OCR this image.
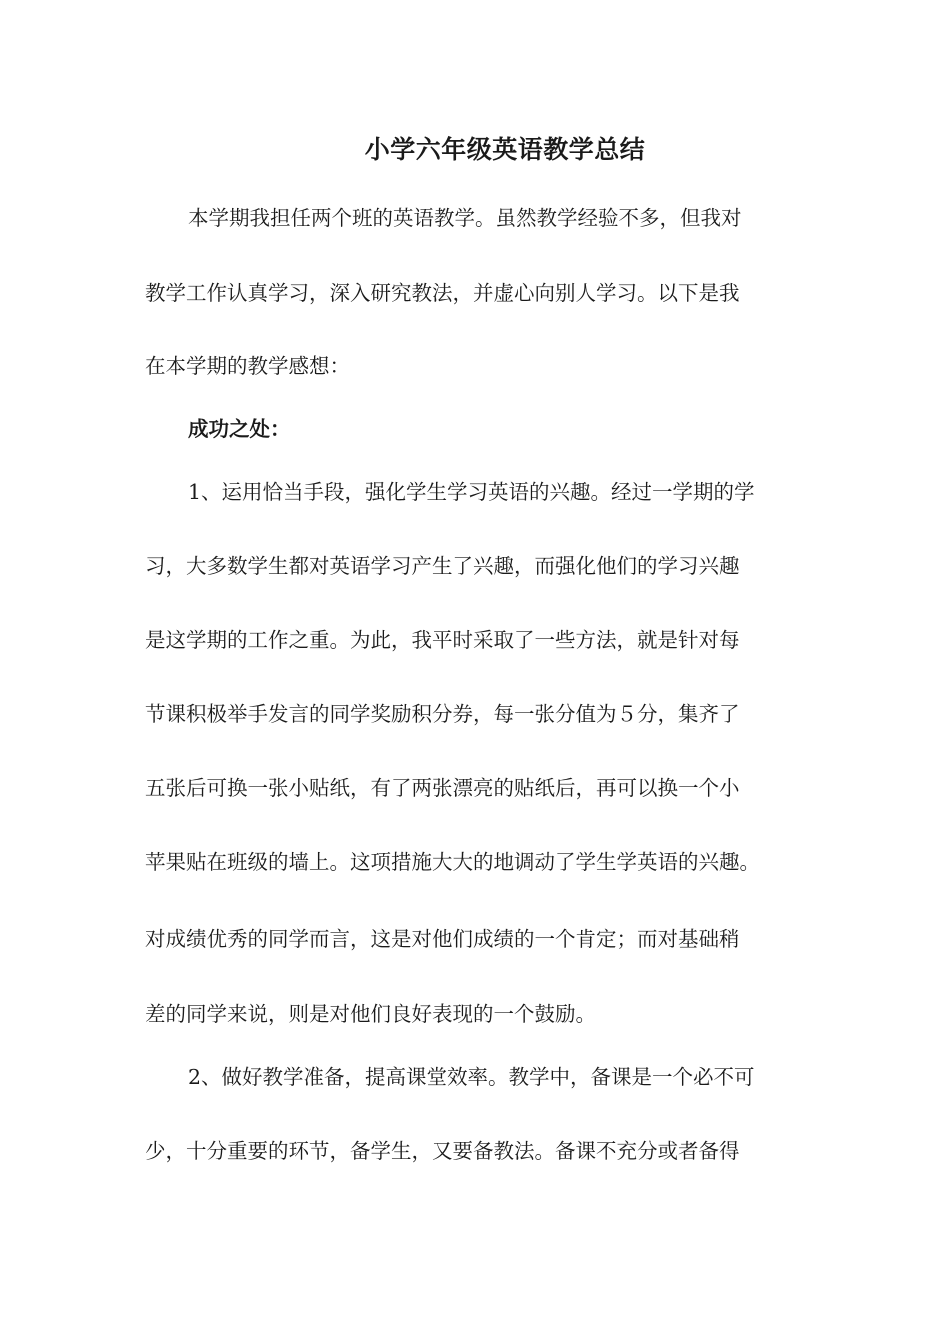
小学六年级英语教学总结
本学期我担任两个班的英语教学。虽然教学经验不多，但我对
教学工作认真学习，深入研究教法，并虚心向别人学习。以下是我
在本学期的教学感想：
成功之处：
1、运用恰当手段，强化学生学习英语的兴趣。经过一学期的学
习，大多数学生都对英语学习产生了兴趣，而强化他们的学习兴趣
是这学期的工作之重。为此，我平时采取了一些方法，就是针对每
节课积极举手发言的同学奖励积分券，每一张分值为５分，集齐了
五张后可换一张小贴纸，有了两张漂亮的贴纸后，再可以换一个小
苹果贴在班级的墙上。这项措施大大的地调动了学生学英语的兴趣。
对成绩优秀的同学而言，这是对他们成绩的一个肯定；而对基础稍
差的同学来说，则是对他们良好表现的一个鼓励。
2、做好教学准备，提高课堂效率。教学中，备课是一个必不可
少，十分重要的环节，备学生，又要备教法。备课不充分或者备得
